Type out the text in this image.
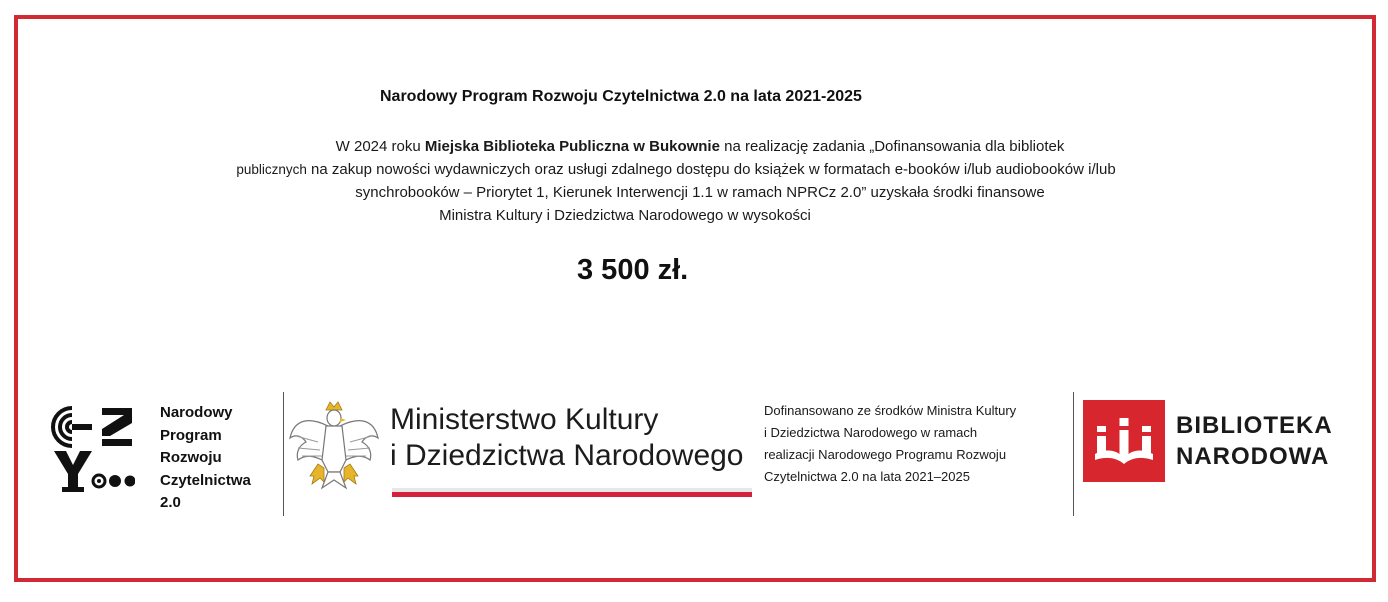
Narodowy Program Rozwoju Czytelnictwa 2.0 na lata 2021-2025
W 2024 roku Miejska Biblioteka Publiczna w Bukownie na realizację zadania „Dofinansowania dla bibliotek
publicznych na zakup nowości wydawniczych oraz usługi zdalnego dostępu do książek w formatach e-booków i/lub audiobooków i/lub
synchrobooków – Priorytet 1, Kierunek Interwencji 1.1 w ramach NPRCz 2.0” uzyskała środki finansowe
Ministra Kultury i Dziedzictwa Narodowego w wysokości
3 500 zł.
Narodowy
Program
Rozwoju
Czytelnictwa
2.0
Ministerstwo Kultury
i Dziedzictwa Narodowego
Dofinansowano ze środków Ministra Kultury
i Dziedzictwa Narodowego w ramach
realizacji Narodowego Programu Rozwoju
Czytelnictwa 2.0 na lata 2021–2025
BIBLIOTEKA
NARODOWA
